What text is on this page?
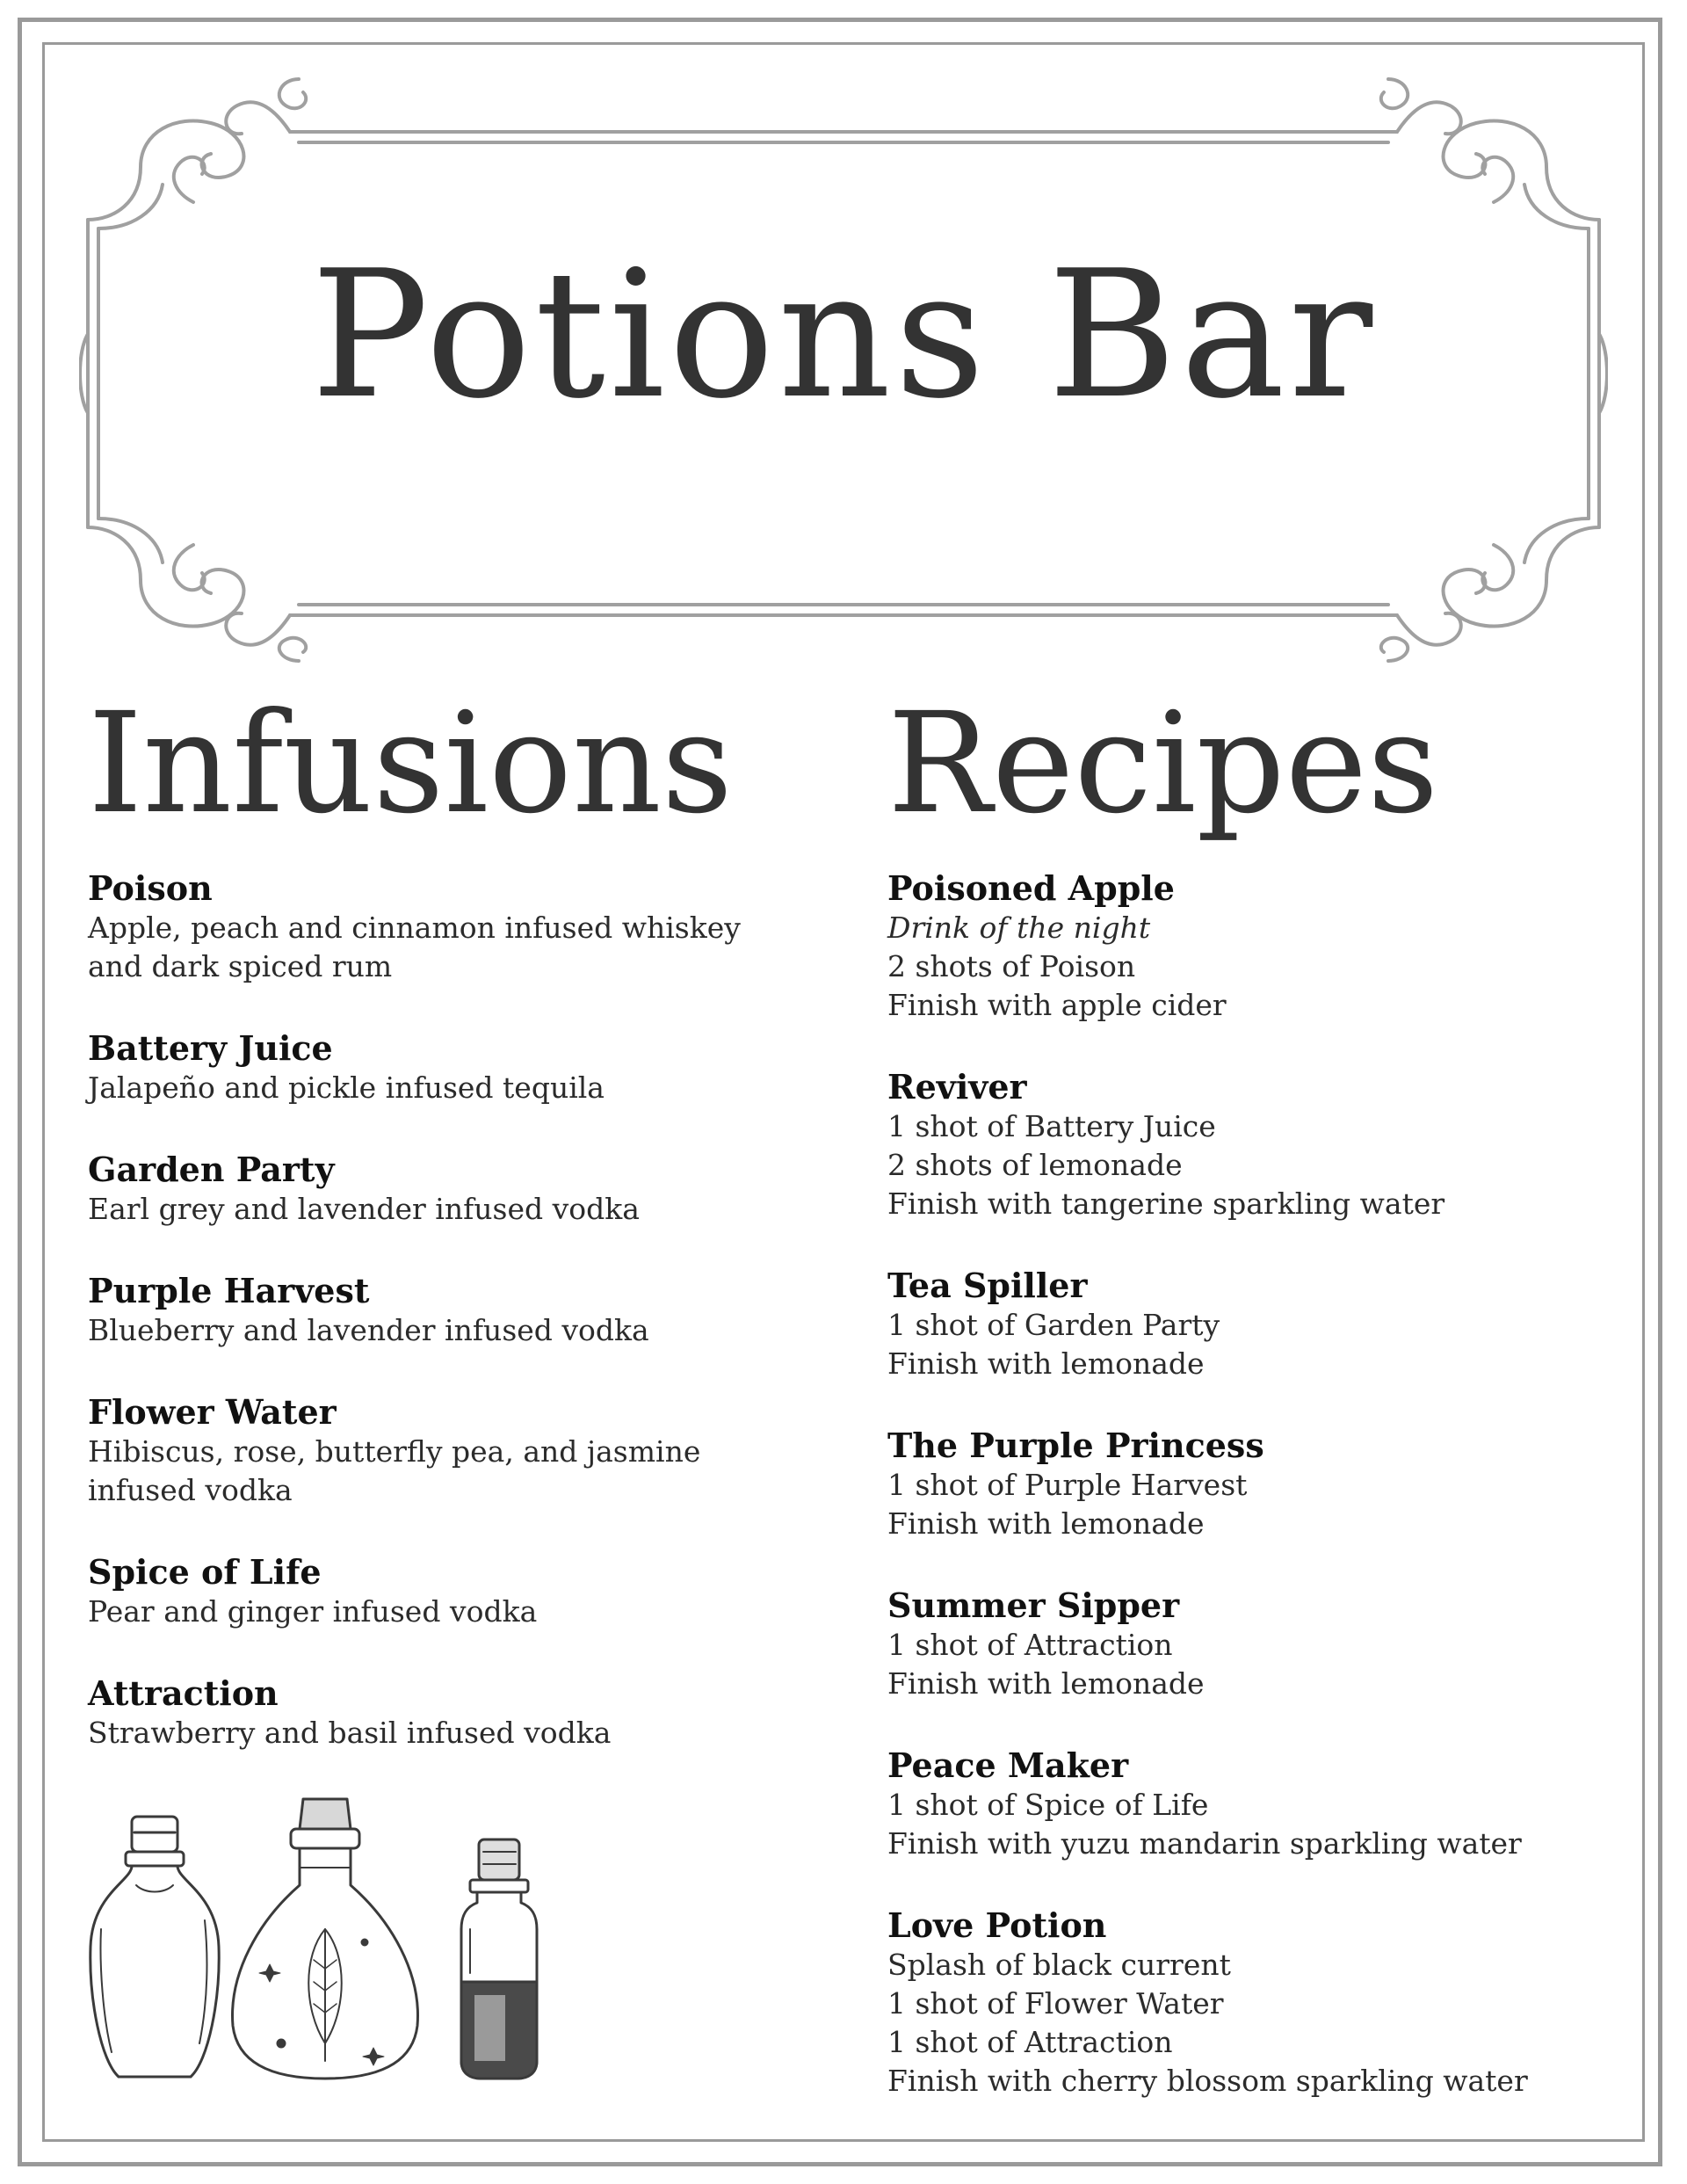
Potions Bar
Infusions

Poison

Apple, peach and cinnamon infused whiskey

and dark spiced rum

Battery Juice

Jalapeño and pickle infused tequila

Garden Party

Earl grey and lavender infused vodka

Purple Harvest

Blueberry and lavender infused vodka

Flower Water

Hibiscus, rose, butterfly pea, and jasmine

infused vodka

Spice of Life

Pear and ginger infused vodka

Attraction

Strawberry and basil infused vodka

Recipes

Poisoned Apple

Drink of the night

2 shots of Poison

Finish with apple cider

Reviver

1 shot of Battery Juice

2 shots of lemonade

Finish with tangerine sparkling water

Tea Spiller

1 shot of Garden Party

Finish with lemonade

The Purple Princess

1 shot of Purple Harvest

Finish with lemonade

Summer Sipper

1 shot of Attraction

Finish with lemonade

Peace Maker

1 shot of Spice of Life

Finish with yuzu mandarin sparkling water

Love Potion

Splash of black current

1 shot of Flower Water

1 shot of Attraction

Finish with cherry blossom sparkling water
